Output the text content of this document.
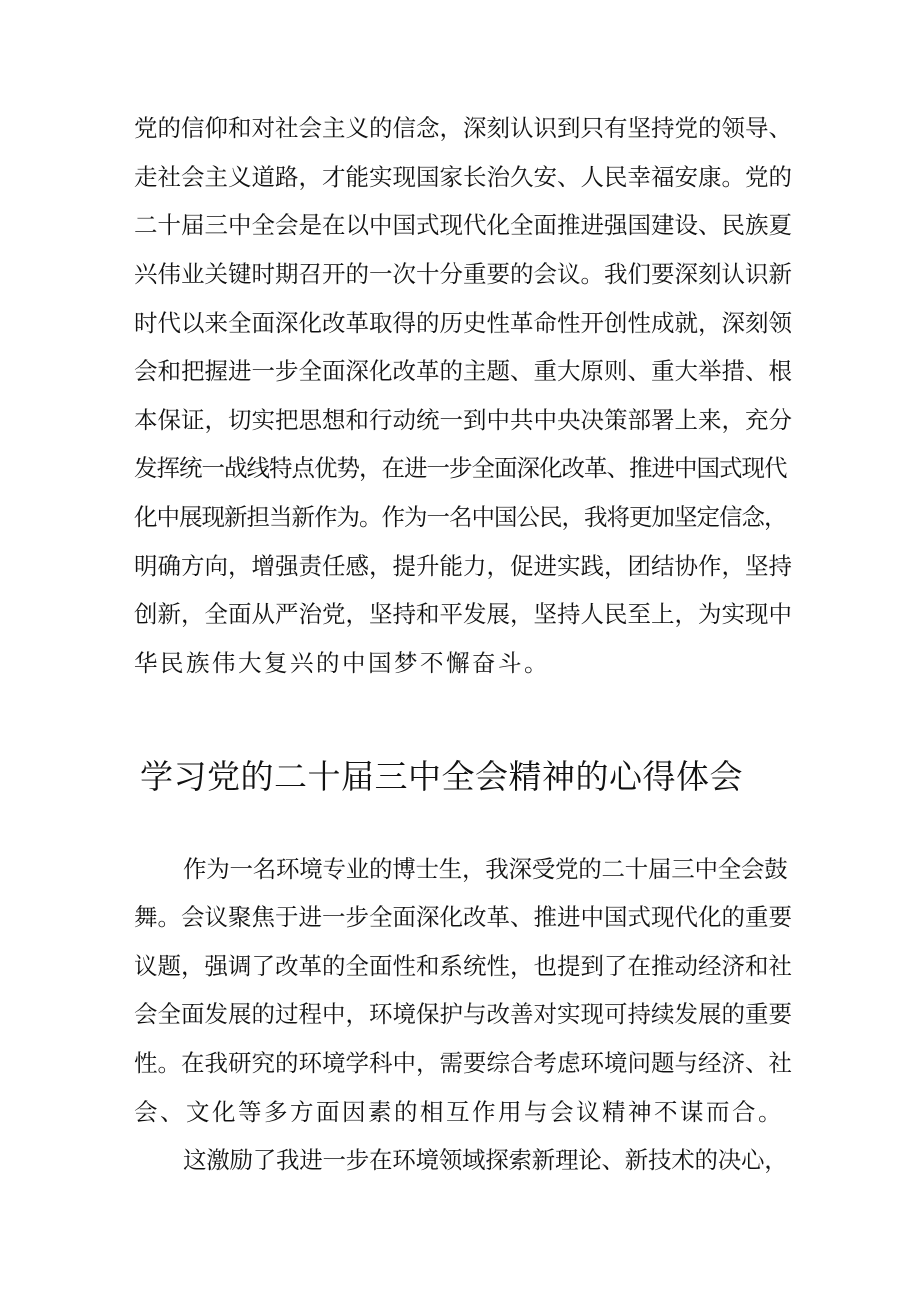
党的信仰和对社会主义的信念，深刻认识到只有坚持党的领导、
走社会主义道路，才能实现国家长治久安、人民幸福安康。党的
二十届三中全会是在以中国式现代化全面推进强国建设、民族夏
兴伟业关键时期召开的一次十分重要的会议。我们要深刻认识新
时代以来全面深化改革取得的历史性革命性开创性成就，深刻领
会和把握进一步全面深化改革的主题、重大原则、重大举措、根
本保证，切实把思想和行动统一到中共中央决策部署上来，充分
发挥统一战线特点优势，在进一步全面深化改革、推进中国式现代
化中展现新担当新作为。作为一名中国公民，我将更加坚定信念，
明确方向，增强责任感，提升能力，促进实践，团结协作，坚持
创新，全面从严治党，坚持和平发展，坚持人民至上，为实现中
华民族伟大复兴的中国梦不懈奋斗。
学习党的二十届三中全会精神的心得体会
作为一名环境专业的博士生，我深受党的二十届三中全会鼓
舞。会议聚焦于进一步全面深化改革、推进中国式现代化的重要
议题，强调了改革的全面性和系统性，也提到了在推动经济和社
会全面发展的过程中，环境保护与改善对实现可持续发展的重要
性。在我研究的环境学科中，需要综合考虑环境问题与经济、社
会、文化等多方面因素的相互作用与会议精神不谋而合。
这激励了我进一步在环境领域探索新理论、新技术的决心，
